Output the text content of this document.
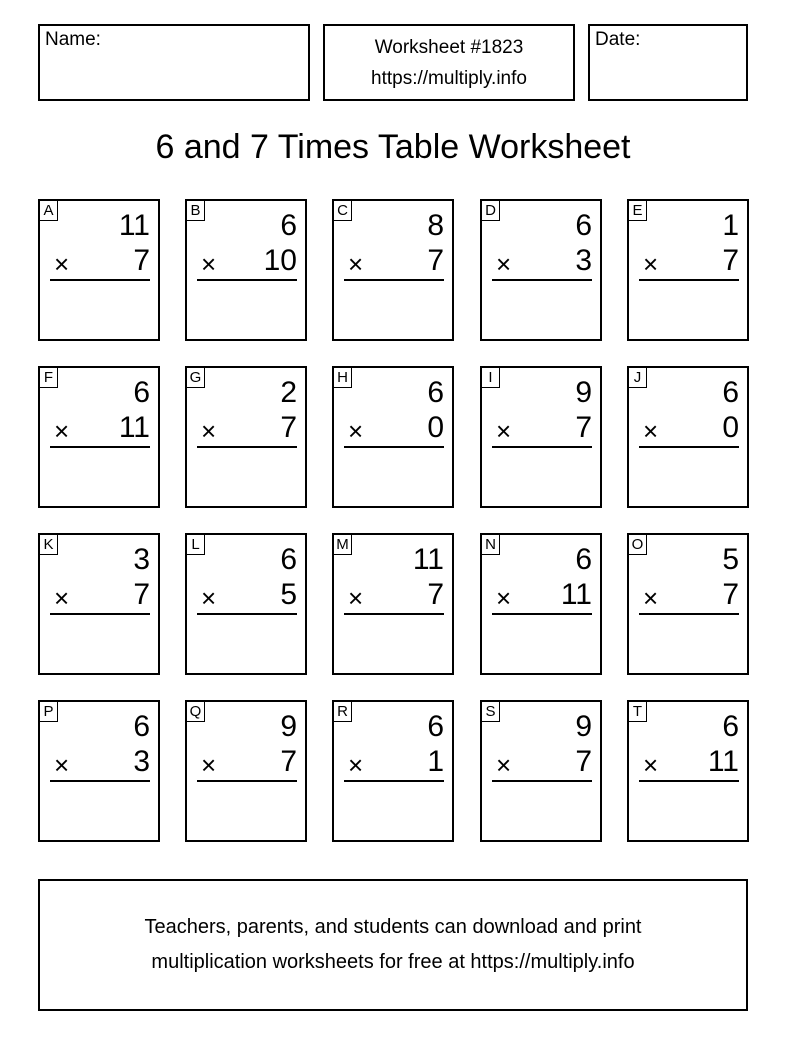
Name:	Worksheet #1823
https://multiply.info
Date:
6 and 7 Times Table Worksheet
A 11
× 7
B	6
× 10
C	8
× 7
D	6
× 3
E	1
× 7
F	6
× 11
G	2
× 7
H	6
× 0
I	9
× 7
J	6
× 0
K	3
× 7
L	6
× 5
M 11
× 7
N	6
× 11
O	5
× 7
P	6
× 3
Q	9
× 7
R	6
× 1
S	9
× 7
T	6
× 11
Teachers, parents, and students can download and print
multiplication worksheets for free at https://multiply.info
